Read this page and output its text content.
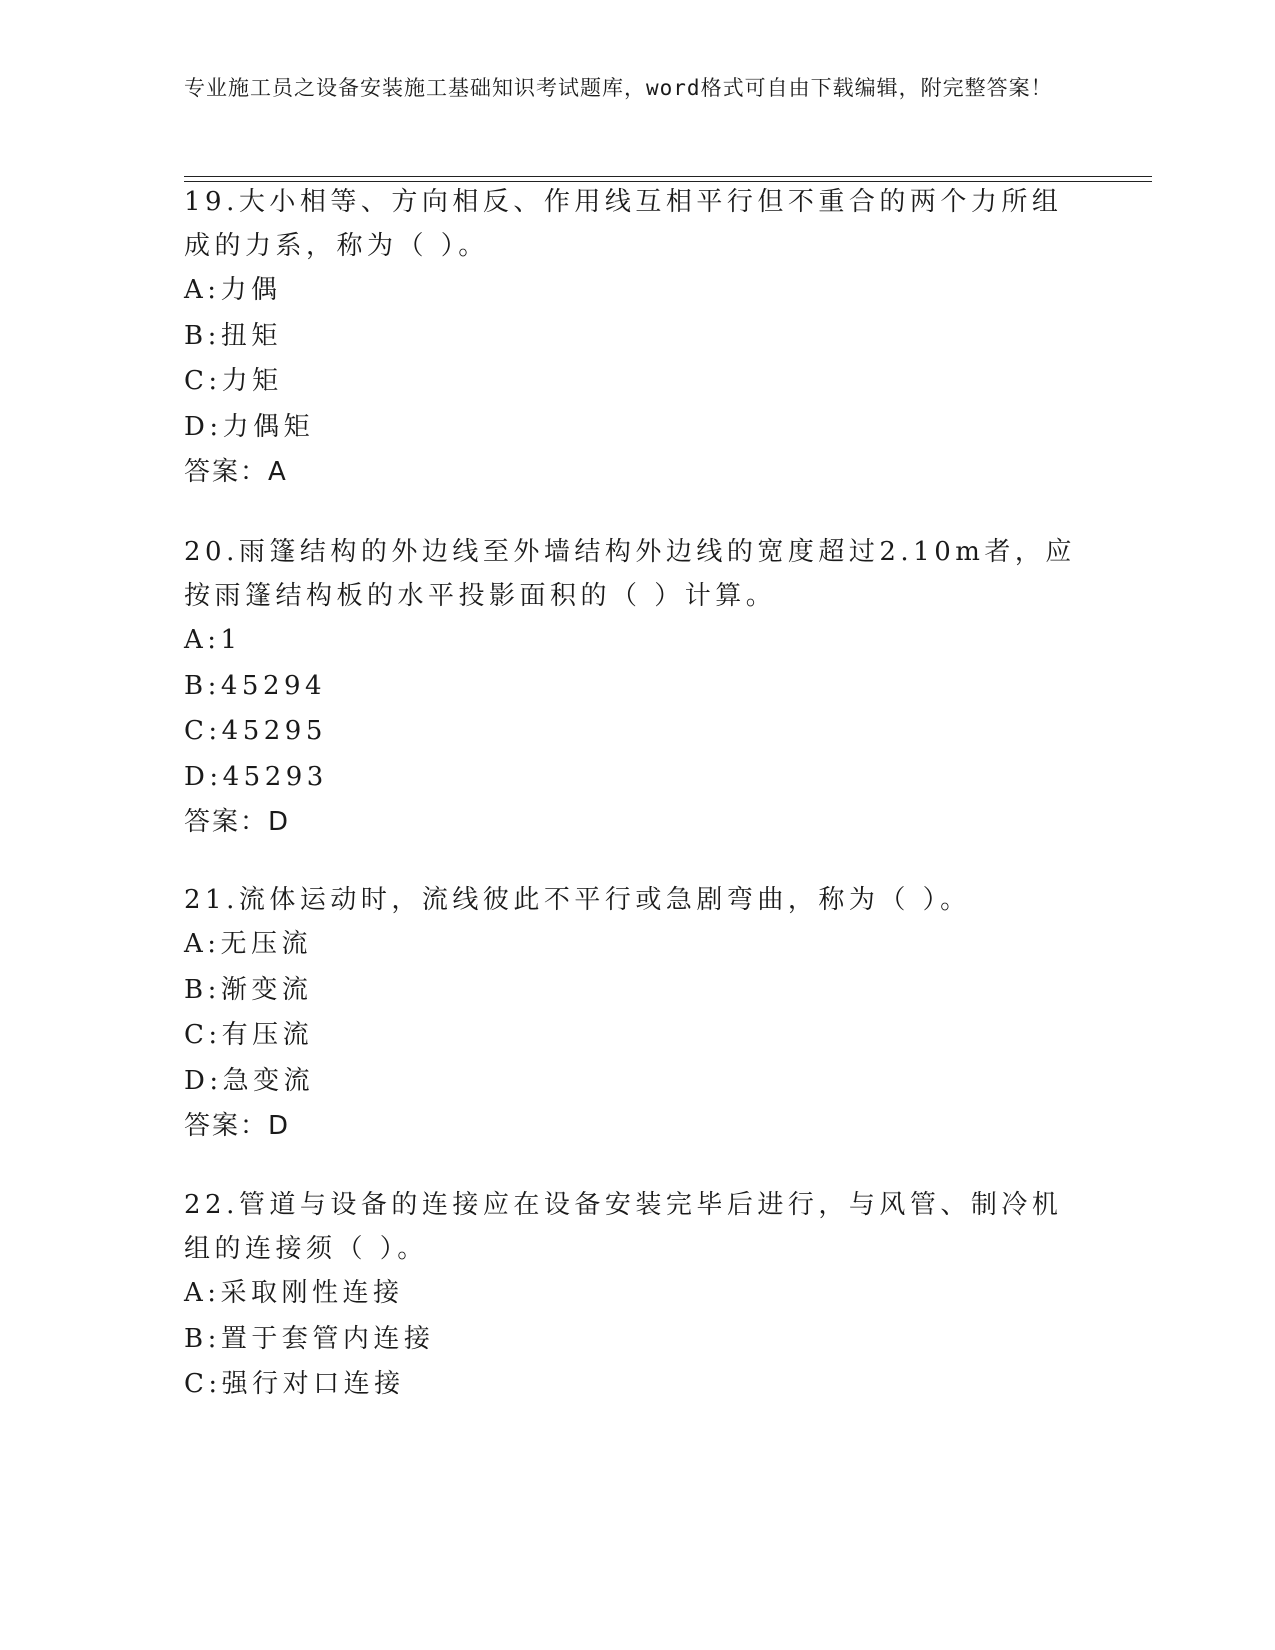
专业施工员之设备安装施工基础知识考试题库，word格式可自由下载编辑，附完整答案！

19.大小相等、方向相反、作用线互相平行但不重合的两个力所组成的力系，称为（ ）。

A:力偶

B:扭矩

C:力矩

D:力偶矩

答案：A

20.雨篷结构的外边线至外墙结构外边线的宽度超过2.10m者，应按雨篷结构板的水平投影面积的（ ）计算。

A:1

B:45294

C:45295

D:45293

答案：D

21.流体运动时，流线彼此不平行或急剧弯曲，称为（ ）。

A:无压流

B:渐变流

C:有压流

D:急变流

答案：D

22.管道与设备的连接应在设备安装完毕后进行，与风管、制冷机组的连接须（ ）。

A:采取刚性连接

B:置于套管内连接

C:强行对口连接
